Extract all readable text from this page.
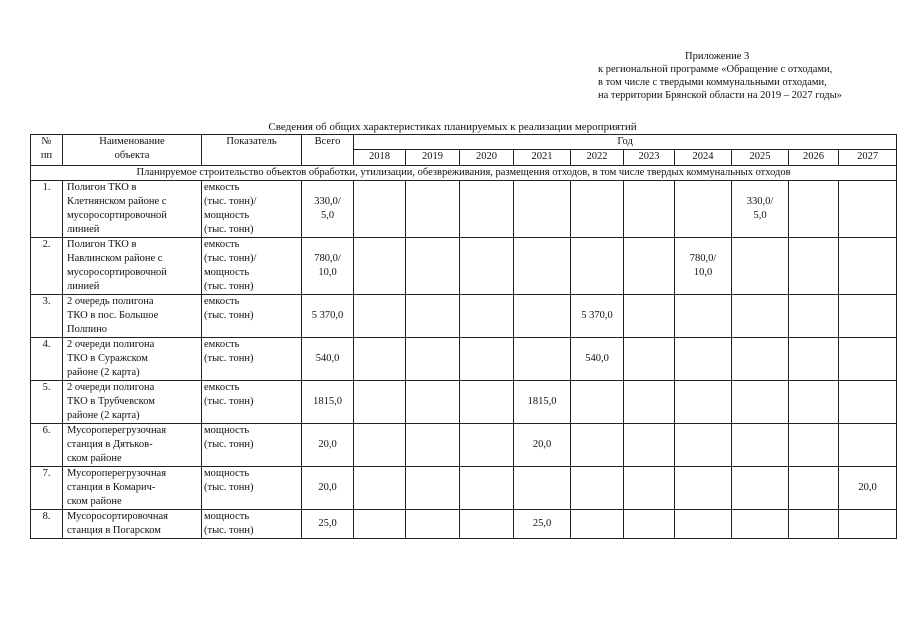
Приложение 3
к региональной программе «Обращение с отходами,
в том числе с твердыми коммунальными отходами,
на территории Брянской области на 2019 – 2027 годы»
Сведения об общих характеристиках планируемых к реализации мероприятий
№
пп	Наименование
объекта	Показатель	Всего	Год									
				2018	2019	2020	2021	2022	2023	2024	2025	2026	2027
Планируемое строительство объектов обработки, утилизации, обезвреживания, размещения отходов, в том числе твердых коммунальных отходов													

1.	Полигон ТКО в
Клетнянском районе с
мусоросортировочной
линией	емкость
(тыс. тонн)/
мощность
(тыс. тонн)	330,0/
5,0								330,0/
5,0		

2.	Полигон ТКО в
Навлинском районе с
мусоросортировочной
линией	емкость
(тыс. тонн)/
мощность
(тыс. тонн)	780,0/
10,0							780,0/
10,0			

3.	2 очередь полигона
ТКО в пос. Большое
Полпино	емкость
(тыс. тонн)	5 370,0					5 370,0					

4.	2 очереди полигона
ТКО в Суражском
районе (2 карта)	емкость
(тыс. тонн)	540,0					540,0					

5.	2 очереди полигона
ТКО в Трубчевском
районе (2 карта)	емкость
(тыс. тонн)	1815,0				1815,0						

6.	Мусороперегрузочная
станция в Дятьков-
ском районе	мощность
(тыс. тонн)	20,0				20,0						

7.	Мусороперегрузочная
станция в Комарич-
ском районе	мощность
(тыс. тонн)	20,0										20,0

8.	Мусоросортировочная
станция в Погарском	мощность
(тыс. тонн)	25,0				25,0						
